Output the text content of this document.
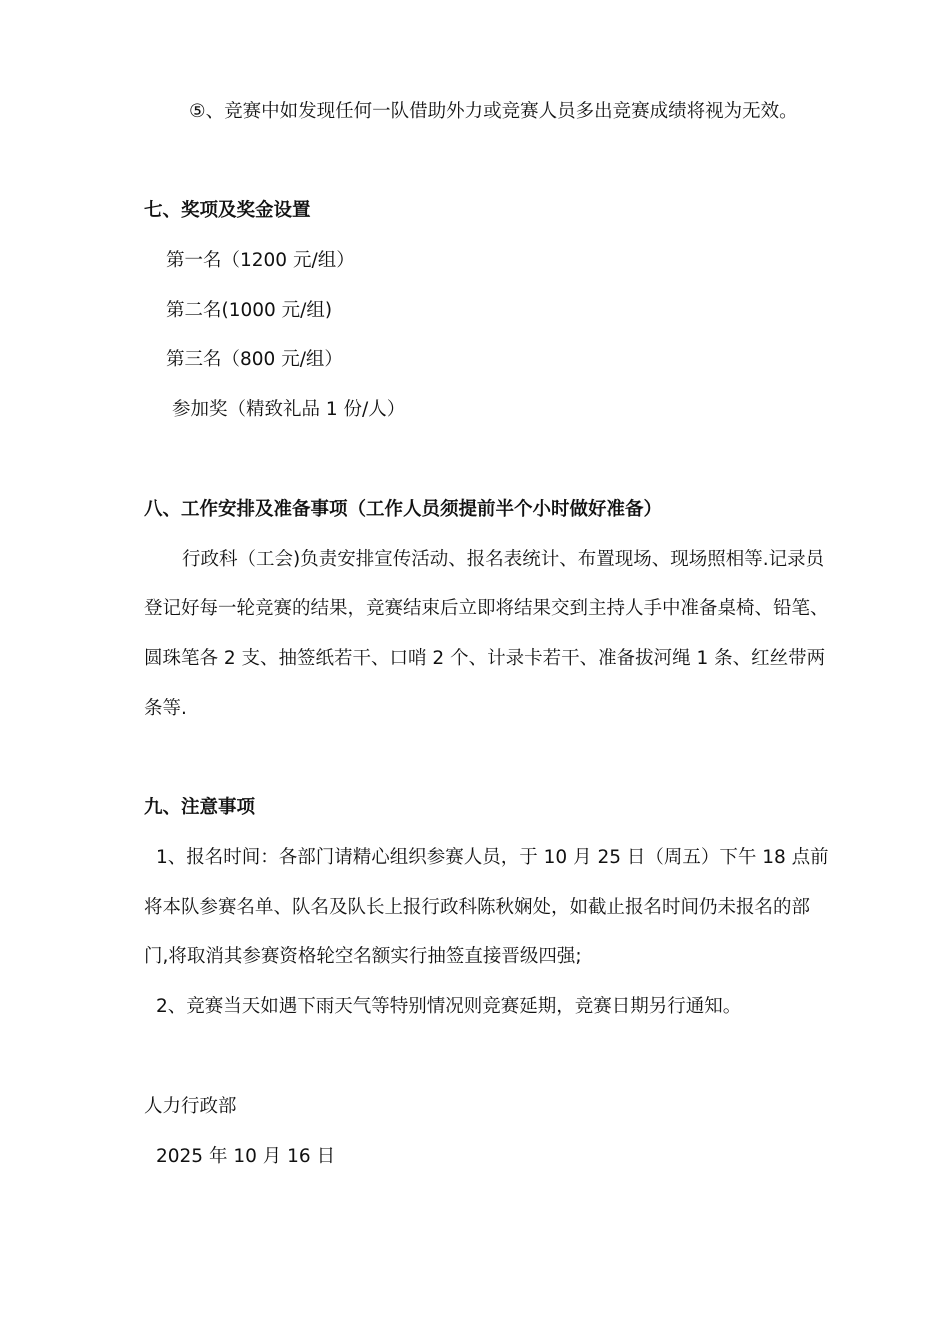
⑤、竞赛中如发现任何一队借助外力或竞赛人员多出竞赛成绩将视为无效。

七、奖项及奖金设置

第一名（1200 元/组）

第二名(1000 元/组)

第三名（800 元/组）

参加奖（精致礼品 1 份/人）

八、工作安排及准备事项（工作人员须提前半个小时做好准备）

行政科（工会)负责安排宣传活动、报名表统计、布置现场、现场照相等.记录员

登记好每一轮竞赛的结果，竞赛结束后立即将结果交到主持人手中准备桌椅、铅笔、

圆珠笔各 2 支、抽签纸若干、口哨 2 个、计录卡若干、准备拔河绳 1 条、红丝带两

条等.

九、注意事项

1、报名时间：各部门请精心组织参赛人员，于 10 月 25 日（周五）下午 18 点前

将本队参赛名单、队名及队长上报行政科陈秋娴处，如截止报名时间仍未报名的部

门,将取消其参赛资格轮空名额实行抽签直接晋级四强;

2、竞赛当天如遇下雨天气等特别情况则竞赛延期，竞赛日期另行通知。

人力行政部

2025 年 10 月 16 日
